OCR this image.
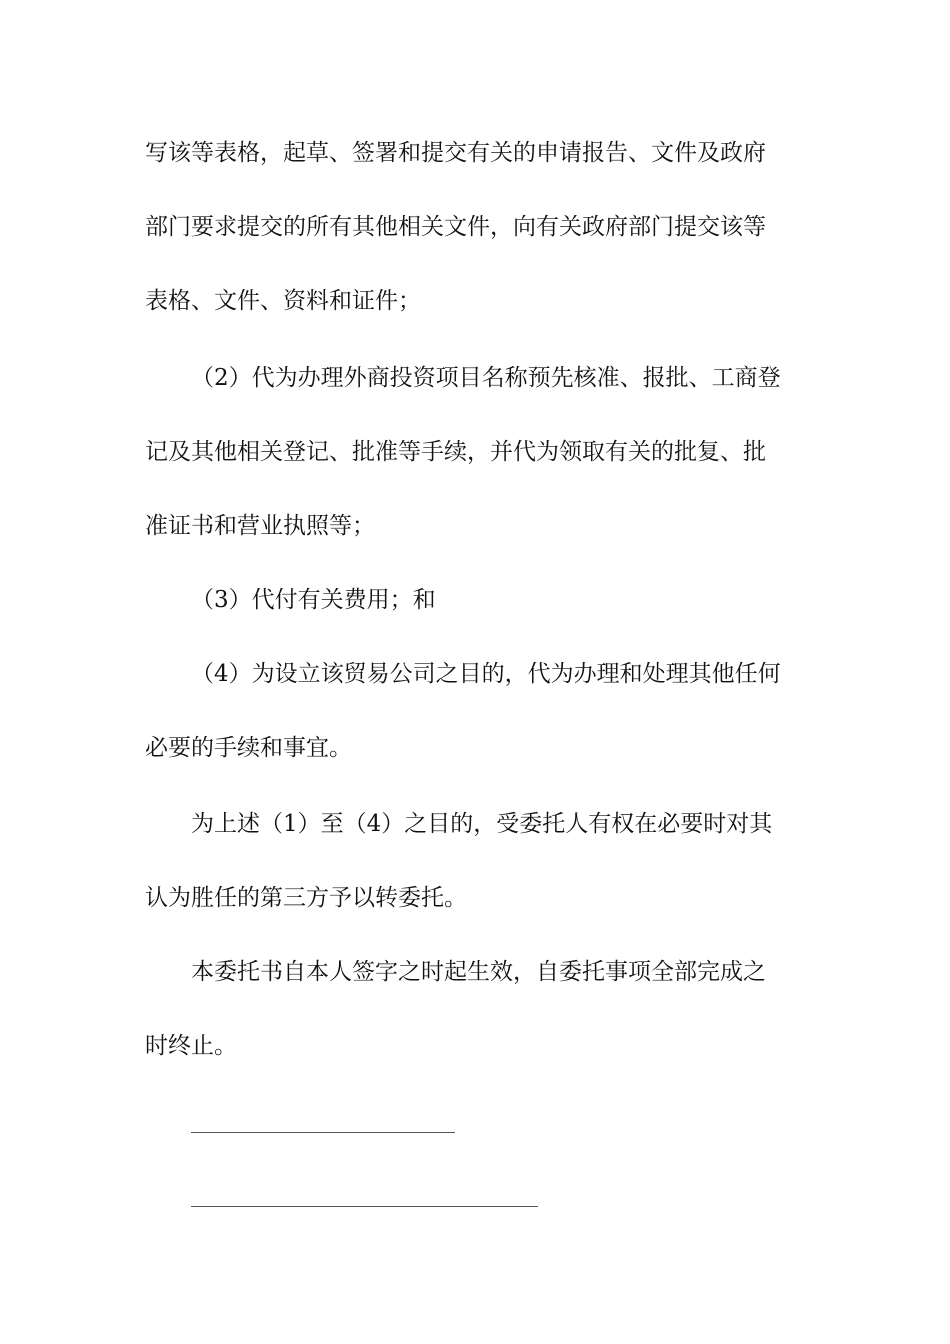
写该等表格，起草、签署和提交有关的申请报告、文件及政府
部门要求提交的所有其他相关文件，向有关政府部门提交该等
表格、文件、资料和证件；
（2）代为办理外商投资项目名称预先核准、报批、工商登
记及其他相关登记、批准等手续，并代为领取有关的批复、批
准证书和营业执照等；
（3）代付有关费用；和
（4）为设立该贸易公司之目的，代为办理和处理其他任何
必要的手续和事宜。
为上述（1）至（4）之目的，受委托人有权在必要时对其
认为胜任的第三方予以转委托。
本委托书自本人签字之时起生效，自委托事项全部完成之
时终止。
